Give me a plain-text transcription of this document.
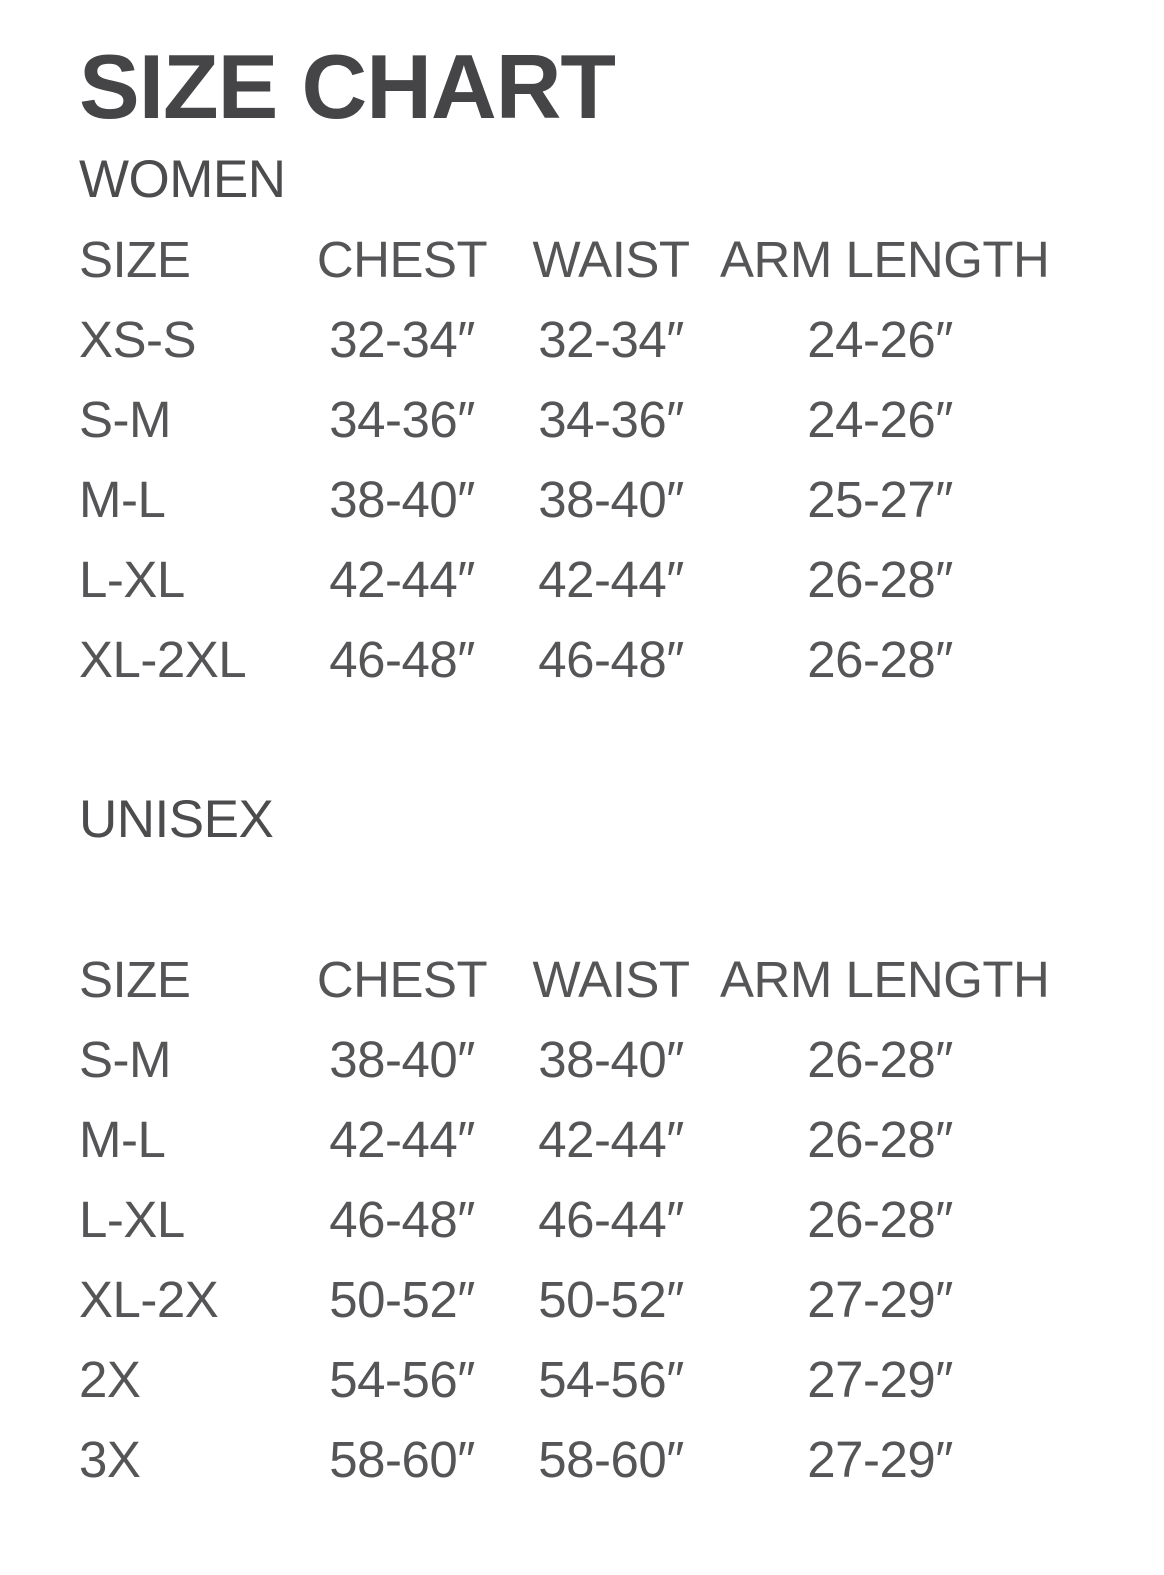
SIZE CHART
WOMEN
SIZE	CHEST WAIST ARM LENGTH
XS-S	32-34″	32-34″	24-26″
S-M	34-36″	34-36″	24-26″
M-L	38-40″	38-40″	25-27″
L-XL	42-44″	42-44″	26-28″
XL-2XL	46-48″	46-48″	26-28″
UNISEX
SIZE	CHEST WAIST ARM LENGTH
S-M	38-40″	38-40″	26-28″
M-L	42-44″	42-44″	26-28″
L-XL	46-48″	46-44″	26-28″
XL-2X	50-52″	50-52″	27-29″
2X	54-56″	54-56″	27-29″
3X	58-60″	58-60″	27-29″
